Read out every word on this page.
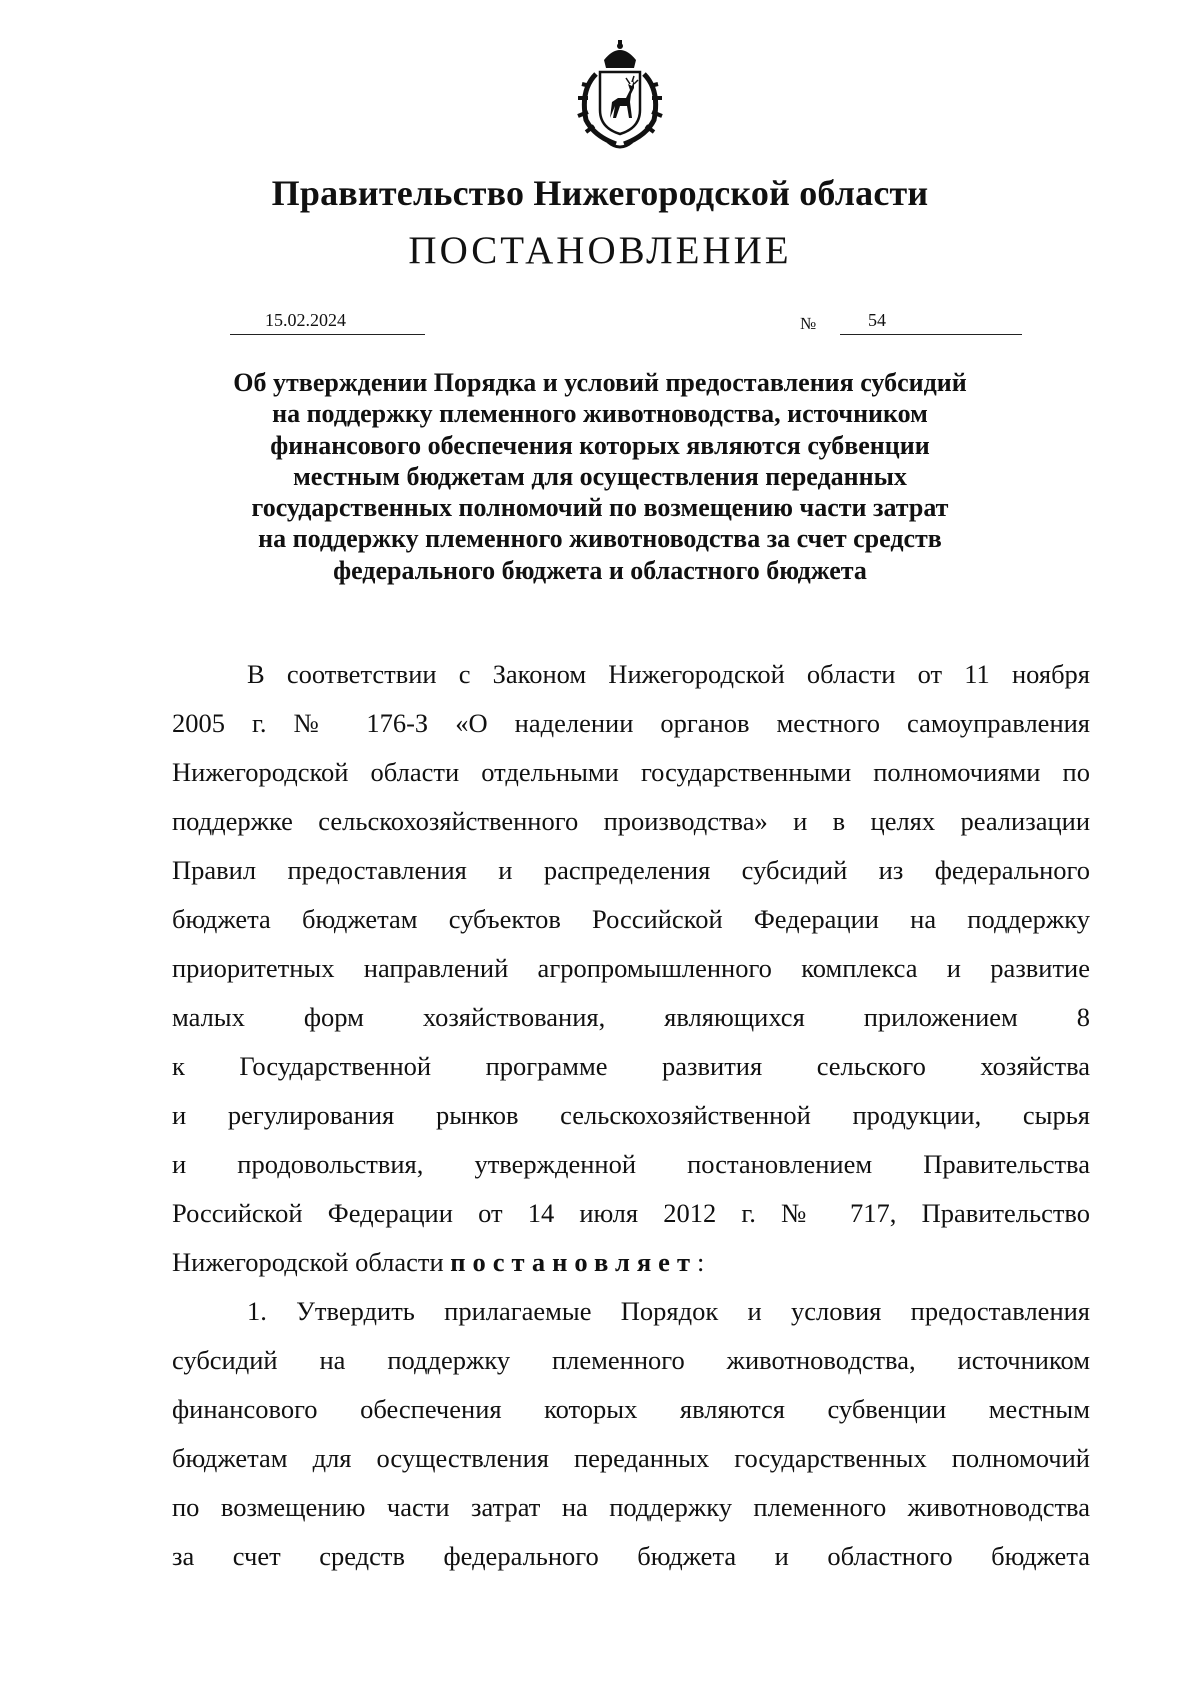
Правительство Нижегородской области
ПОСТАНОВЛЕНИЕ
15.02.2024	№	54
Об утверждении Порядка и условий предоставления субсидий
на поддержку племенного животноводства, источником
финансового обеспечения которых являются субвенции
местным бюджетам для осуществления переданных
государственных полномочий по возмещению части затрат
на поддержку племенного животноводства за счет средств
федерального бюджета и областного бюджета
В соответствии с Законом Нижегородской области от 11 ноября
2005 г. № 176-З «О наделении органов местного самоуправления
Нижегородской области отдельными государственными полномочиями по
поддержке сельскохозяйственного производства» и в целях реализации
Правил предоставления и распределения субсидий из федерального
бюджета бюджетам субъектов Российской Федерации на поддержку
приоритетных направлений агропромышленного комплекса и развитие
малых форм хозяйствования, являющихся приложением 8
к Государственной программе развития сельского хозяйства
и регулирования рынков сельскохозяйственной продукции, сырья
и продовольствия, утвержденной постановлением Правительства
Российской Федерации от 14 июля 2012 г. № 717, Правительство
Нижегородской области постановляет:
1. Утвердить прилагаемые Порядок и условия предоставления
субсидий на поддержку племенного животноводства, источником
финансового обеспечения которых являются субвенции местным
бюджетам для осуществления переданных государственных полномочий
по возмещению части затрат на поддержку племенного животноводства
за счет средств федерального бюджета и областного бюджета
